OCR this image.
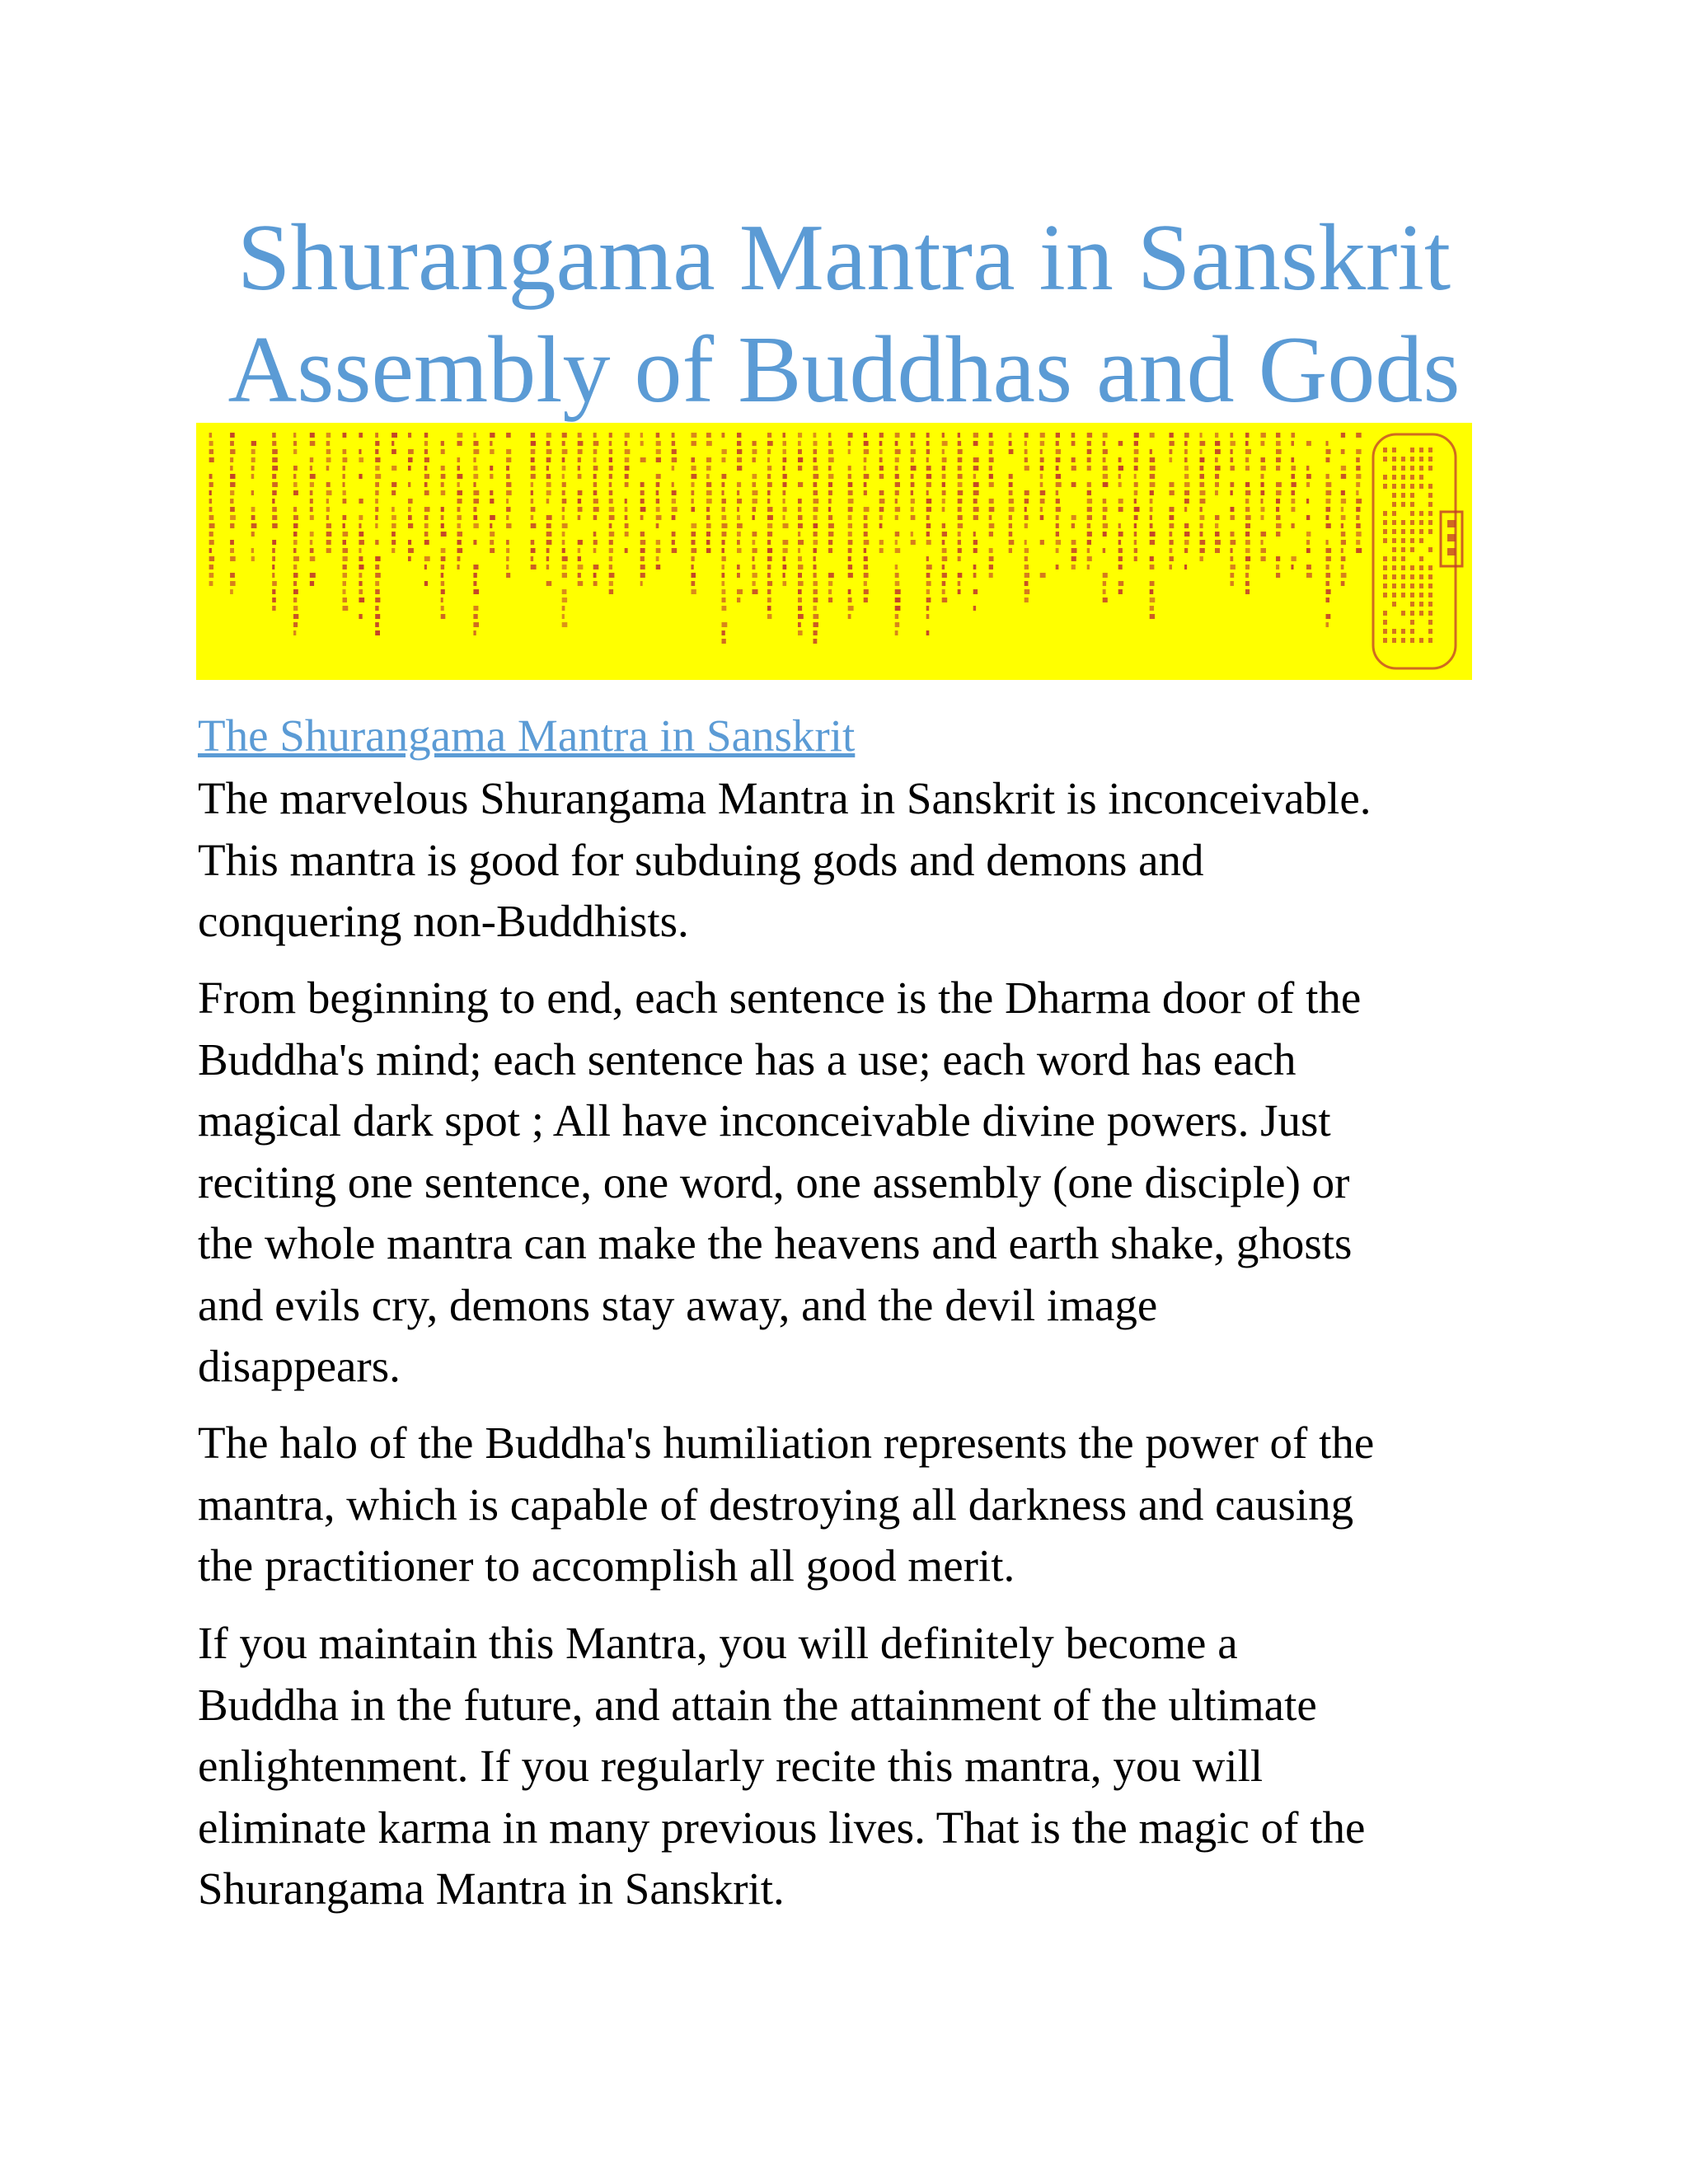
Shurangama Mantra in Sanskrit
Assembly of Buddhas and Gods
The Shurangama Mantra in Sanskrit

The marvelous Shurangama Mantra in Sanskrit is inconceivable.
This mantra is good for subduing gods and demons and
conquering non-Buddhists.

From beginning to end, each sentence is the Dharma door of the
Buddha's mind; each sentence has a use; each word has each
magical dark spot ; All have inconceivable divine powers. Just
reciting one sentence, one word, one assembly (one disciple) or
the whole mantra can make the heavens and earth shake, ghosts
and evils cry, demons stay away, and the devil image
disappears.

The halo of the Buddha's humiliation represents the power of the
mantra, which is capable of destroying all darkness and causing
the practitioner to accomplish all good merit.

If you maintain this Mantra, you will definitely become a
Buddha in the future, and attain the attainment of the ultimate
enlightenment. If you regularly recite this mantra, you will
eliminate karma in many previous lives. That is the magic of the
Shurangama Mantra in Sanskrit.
